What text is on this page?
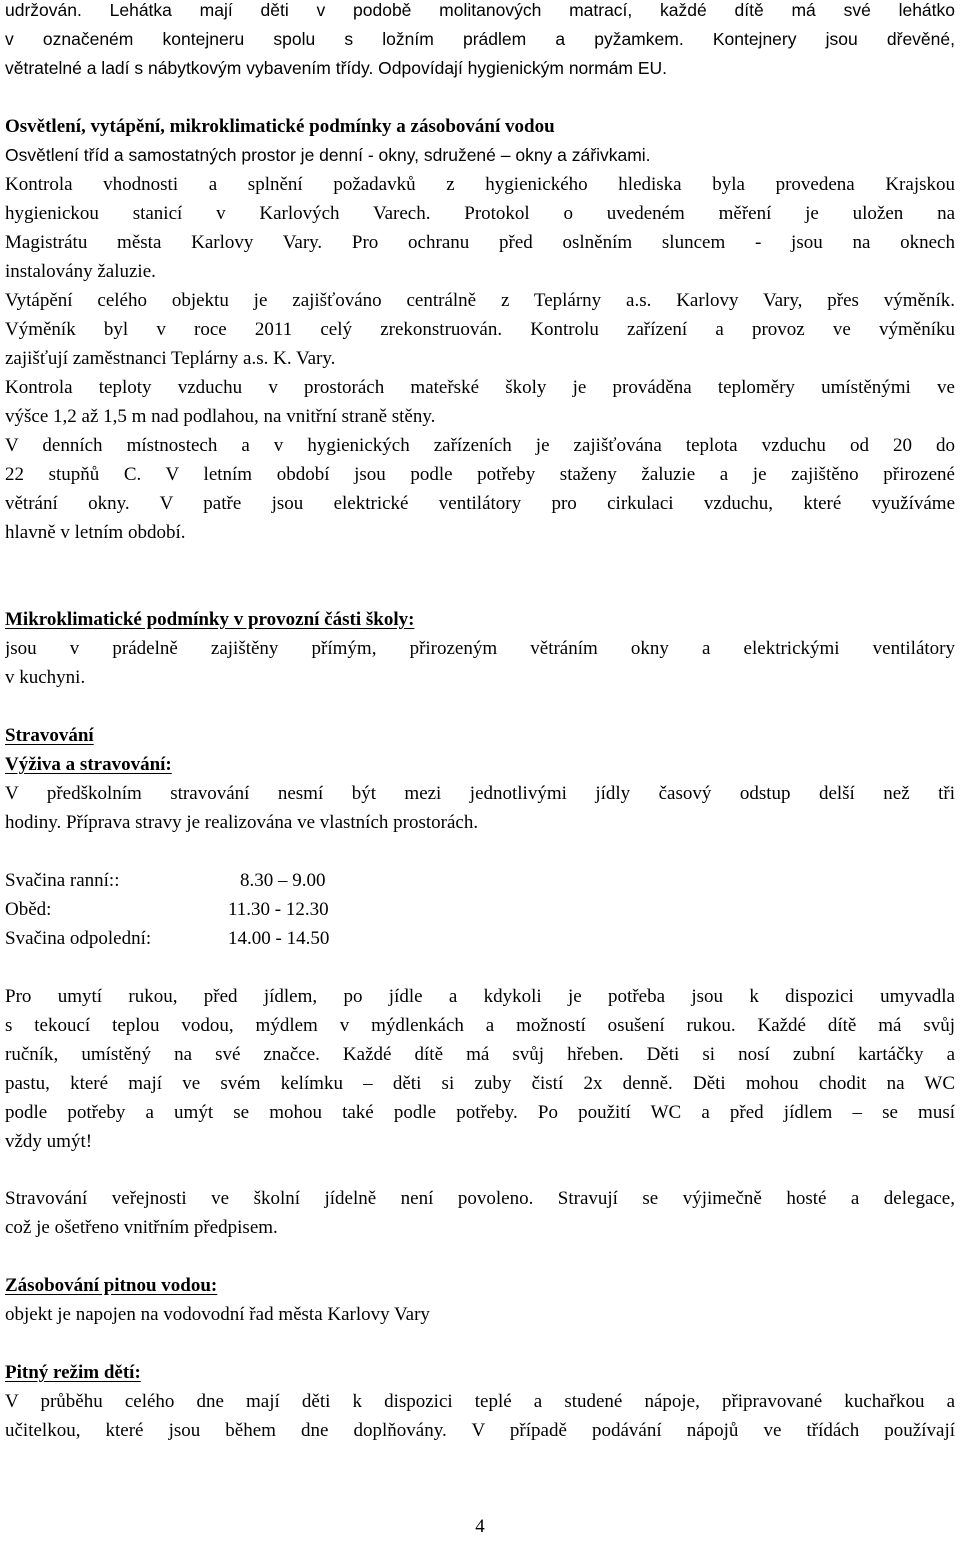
udržován. Lehátka mají děti v podobě molitanových matrací, každé dítě má své lehátko
v označeném kontejneru spolu s ložním prádlem a pyžamkem. Kontejnery jsou dřevěné,
větratelné a ladí s nábytkovým vybavením třídy. Odpovídají hygienickým normám EU.
Osvětlení, vytápění, mikroklimatické podmínky a zásobování vodou
Osvětlení tříd a samostatných prostor je denní - okny, sdružené – okny a zářivkami.
Kontrola vhodnosti a splnění požadavků z hygienického hlediska byla provedena Krajskou
hygienickou stanicí v Karlových Varech. Protokol o uvedeném měření je uložen na
Magistrátu města Karlovy Vary. Pro ochranu před oslněním sluncem - jsou na oknech
instalovány žaluzie.
Vytápění celého objektu je zajišťováno centrálně z Teplárny a.s. Karlovy Vary, přes výměník.
Výměník byl v roce 2011 celý zrekonstruován. Kontrolu zařízení a provoz ve výměníku
zajišťují zaměstnanci Teplárny a.s. K. Vary.
Kontrola teploty vzduchu v prostorách mateřské školy je prováděna teploměry umístěnými ve
výšce 1,2 až 1,5 m nad podlahou, na vnitřní straně stěny.
V denních místnostech a v hygienických zařízeních je zajišťována teplota vzduchu od 20 do
22 stupňů C. V letním období jsou podle potřeby staženy žaluzie a je zajištěno přirozené
větrání okny. V patře jsou elektrické ventilátory pro cirkulaci vzduchu, které využíváme
hlavně v letním období.
Mikroklimatické podmínky v provozní části školy:
jsou v prádelně zajištěny přímým, přirozeným větráním okny a elektrickými ventilátory
v kuchyni.
Stravování
Výživa a stravování:
V předškolním stravování nesmí být mezi jednotlivými jídly časový odstup delší než tři
hodiny. Příprava stravy je realizována ve vlastních prostorách.
Svačina ranní::	8.30 – 9.00
Oběd:	11.30 - 12.30
Svačina odpolední:	14.00 - 14.50
Pro umytí rukou, před jídlem, po jídle a kdykoli je potřeba jsou k dispozici umyvadla
s tekoucí teplou vodou, mýdlem v mýdlenkách a možností osušení rukou. Každé dítě má svůj
ručník, umístěný na své značce. Každé dítě má svůj hřeben. Děti si nosí zubní kartáčky a
pastu, které mají ve svém kelímku – děti si zuby čistí 2x denně. Děti mohou chodit na WC
podle potřeby a umýt se mohou také podle potřeby. Po použití WC a před jídlem – se musí
vždy umýt!
Stravování veřejnosti ve školní jídelně není povoleno. Stravují se výjimečně hosté a delegace,
což je ošetřeno vnitřním předpisem.
Zásobování pitnou vodou:
objekt je napojen na vodovodní řad města Karlovy Vary
Pitný režim dětí:
V průběhu celého dne mají děti k dispozici teplé a studené nápoje, připravované kuchařkou a
učitelkou, které jsou během dne doplňovány. V případě podávání nápojů ve třídách používají
4
